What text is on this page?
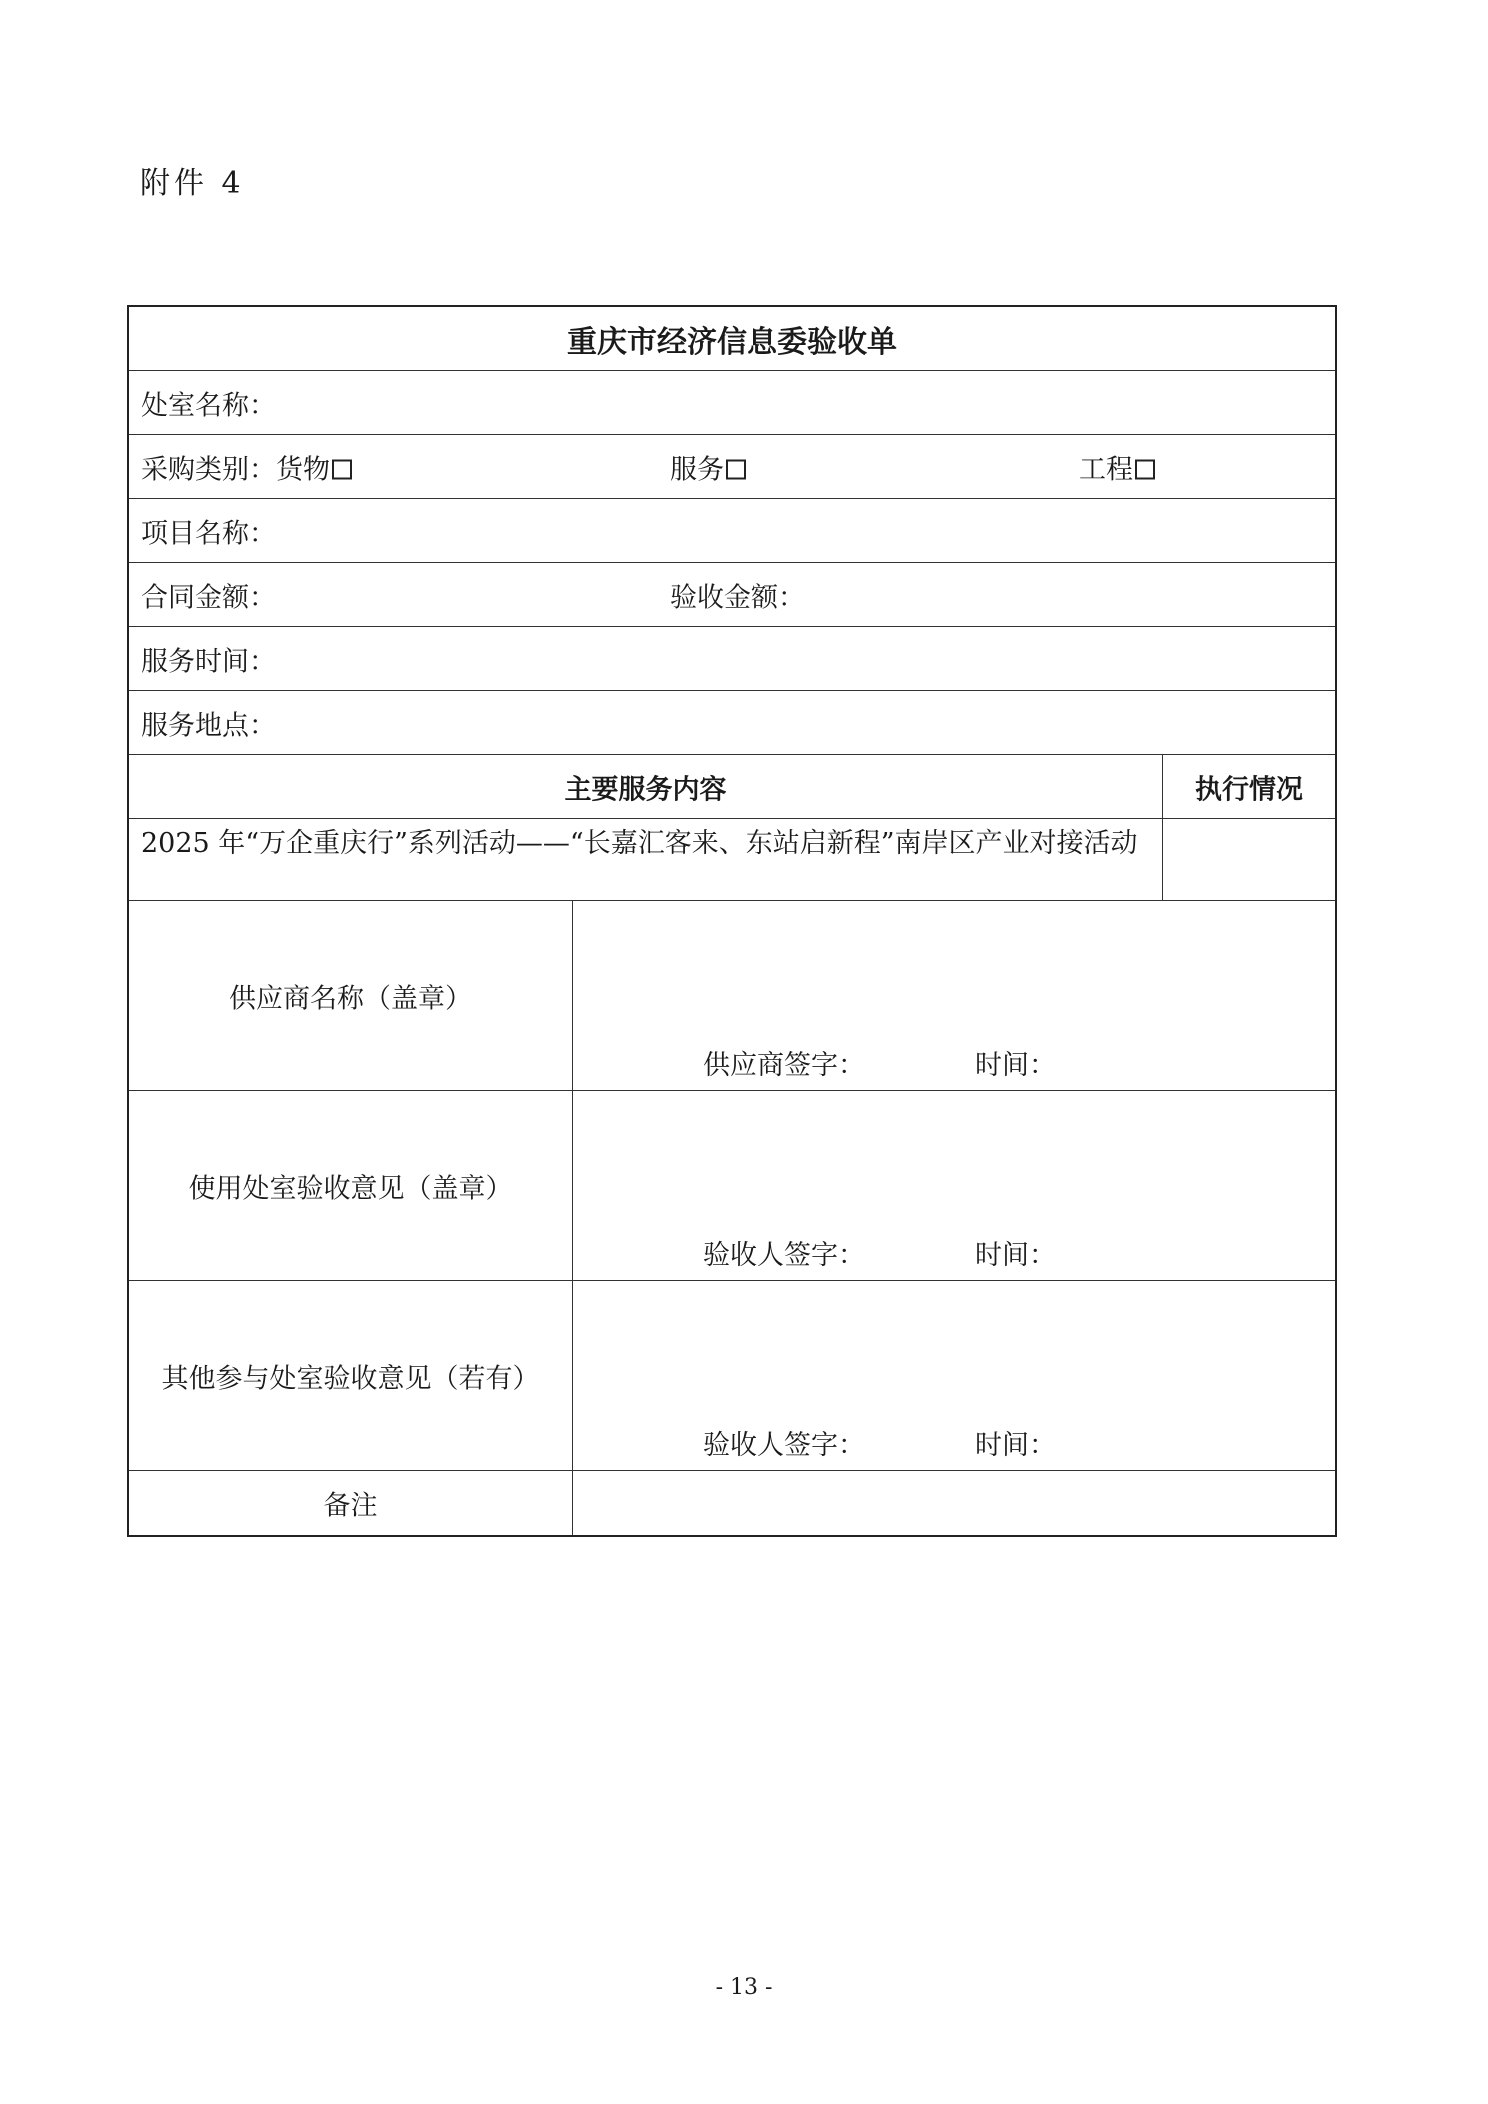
附件 4
重庆市经济信息委验收单
处室名称：
采购类别：货物	服务	工程
项目名称：
合同金额：	验收金额：
服务时间：
服务地点：
主要服务内容	执行情况
2025 年“万企重庆行”系列活动——“长嘉汇客来、东站启新程”南岸区产业对接活动
供应商名称（盖章）
供应商签字：	时间：
使用处室验收意见（盖章）
验收人签字：	时间：
其他参与处室验收意见（若有）
验收人签字：	时间：
备注
- 13 -
